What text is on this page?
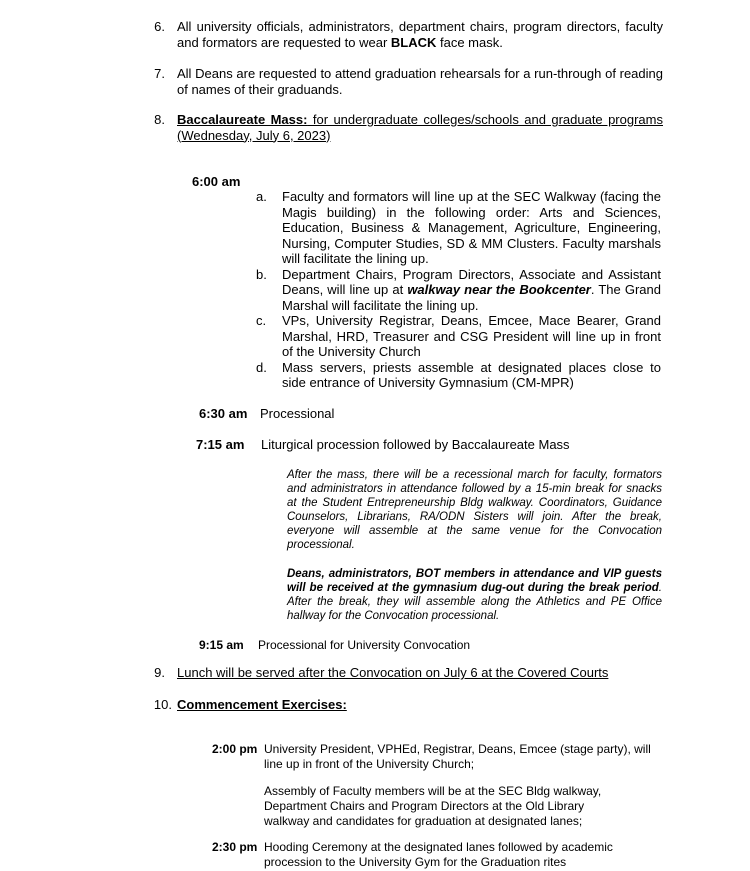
6. All university officials, administrators, department chairs, program directors, faculty and formators are requested to wear BLACK face mask.
7. All Deans are requested to attend graduation rehearsals for a run-through of reading of names of their graduands.
8. Baccalaureate Mass: for undergraduate colleges/schools and graduate programs (Wednesday, July 6, 2023)
6:00 am
a.	Faculty and formators will line up at the SEC Walkway (facing the Magis building) in the following order: Arts and Sciences, Education, Business & Management, Agriculture, Engineering, Nursing, Computer Studies, SD & MM Clusters. Faculty marshals will facilitate the lining up.
b.	Department Chairs, Program Directors, Associate and Assistant Deans, will line up at walkway near the Bookcenter. The Grand Marshal will facilitate the lining up.
c.	VPs, University Registrar, Deans, Emcee, Mace Bearer, Grand Marshal, HRD, Treasurer and CSG President will line up in front of the University Church
d.	Mass servers, priests assemble at designated places close to side entrance of University Gymnasium (CM-MPR)
6:30 am Processional
7:15 am Liturgical procession followed by Baccalaureate Mass
After the mass, there will be a recessional march for faculty, formators and administrators in attendance followed by a 15-min break for snacks at the Student Entrepreneurship Bldg walkway. Coordinators, Guidance Counselors, Librarians, RA/ODN Sisters will join. After the break, everyone will assemble at the same venue for the Convocation processional.
Deans, administrators, BOT members in attendance and VIP guests will be received at the gymnasium dug-out during the break period. After the break, they will assemble along the Athletics and PE Office hallway for the Convocation processional.
9:15 am Processional for University Convocation
9. Lunch will be served after the Convocation on July 6 at the Covered Courts
10. Commencement Exercises:
2:00 pm University President, VPHEd, Registrar, Deans, Emcee (stage party), will
line up in front of the University Church;
Assembly of Faculty members will be at the SEC Bldg walkway,
Department Chairs and Program Directors at the Old Library
walkway and candidates for graduation at designated lanes;
2:30 pm Hooding Ceremony at the designated lanes followed by academic
procession to the University Gym for the Graduation rites
